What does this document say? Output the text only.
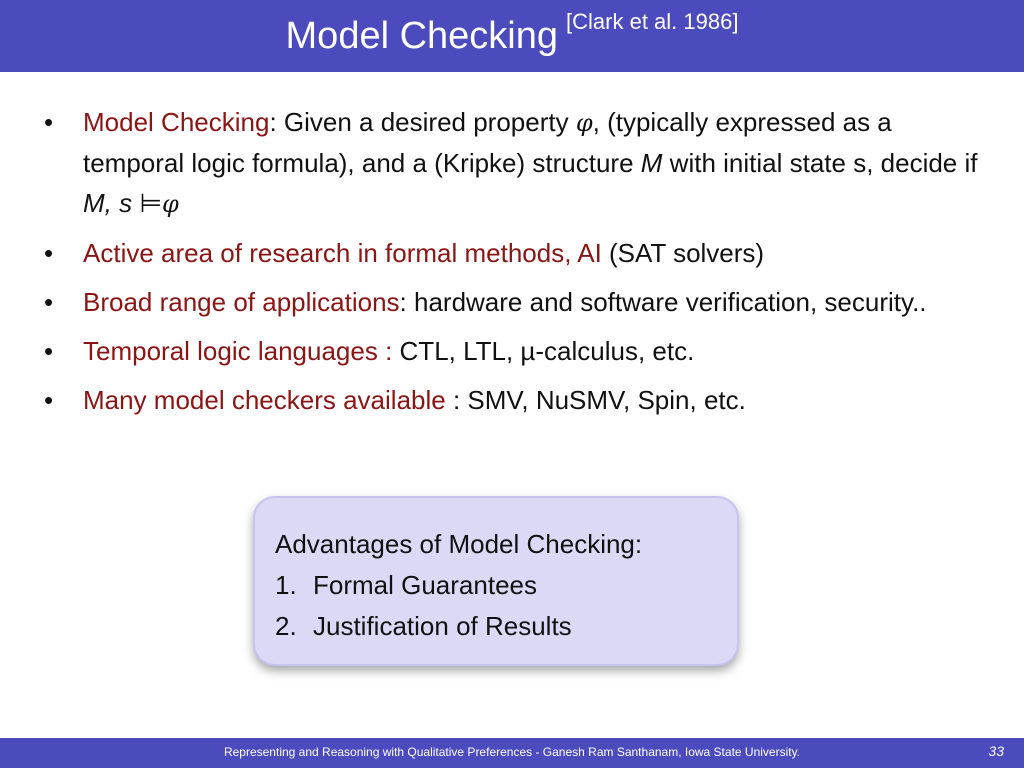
Model Checking [Clark et al. 1986]
• Model Checking: Given a desired property φ, (typically expressed as a temporal logic formula), and a (Kripke) structure M with initial state s, decide if M, s ⊨φ
• Active area of research in formal methods, AI (SAT solvers)
• Broad range of applications: hardware and software verification, security..
• Temporal logic languages : CTL, LTL, µ-calculus, etc.
• Many model checkers available : SMV, NuSMV, Spin, etc.
Advantages of Model Checking:
1. Formal Guarantees
2. Justification of Results
Representing and Reasoning with Qualitative Preferences - Ganesh Ram Santhanam, Iowa State University.	33
